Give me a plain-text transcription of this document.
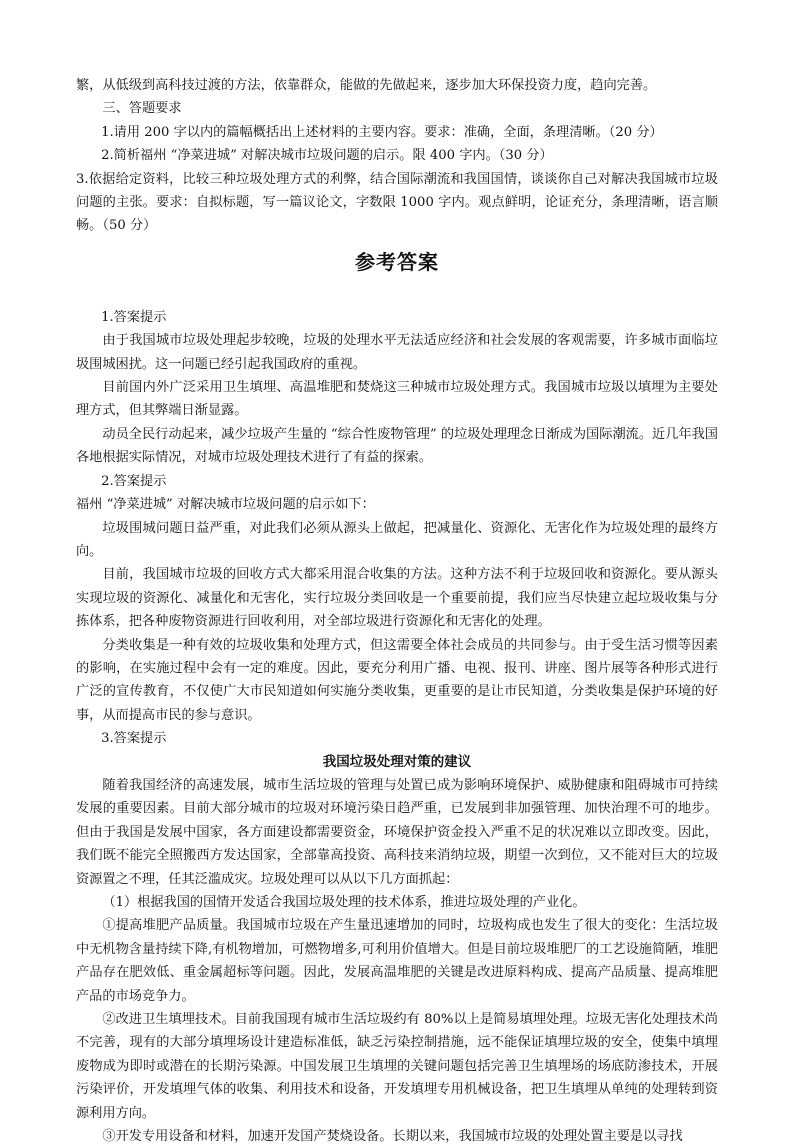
繁，从低级到高科技过渡的方法，依靠群众，能做的先做起来，逐步加大环保投资力度，趋向完善。

三、答题要求

1.请用 200 字以内的篇幅概括出上述材料的主要内容。要求：准确，全面，条理清晰。（20 分）

2.简析福州 “净菜进城” 对解决城市垃圾问题的启示。限 400 字内。（30 分）

3.依据给定资料，比较三种垃圾处理方式的利弊，结合国际潮流和我国国情，谈谈你自己对解决我国城市垃圾问题的主张。要求：自拟标题，写一篇议论文，字数限 1000 字内。观点鲜明，论证充分，条理清晰，语言顺畅。（50 分）

参考答案

1.答案提示

由于我国城市垃圾处理起步较晚，垃圾的处理水平无法适应经济和社会发展的客观需要，许多城市面临垃圾围城困扰。这一问题已经引起我国政府的重视。

目前国内外广泛采用卫生填埋、高温堆肥和焚烧这三种城市垃圾处理方式。我国城市垃圾以填埋为主要处理方式，但其弊端日渐显露。

动员全民行动起来，减少垃圾产生量的 “综合性废物管理” 的垃圾处理理念日渐成为国际潮流。近几年我国各地根据实际情况，对城市垃圾处理技术进行了有益的探索。

2.答案提示

福州 “净菜进城” 对解决城市垃圾问题的启示如下：

垃圾围城问题日益严重，对此我们必须从源头上做起，把减量化、资源化、无害化作为垃圾处理的最终方向。

目前，我国城市垃圾的回收方式大都采用混合收集的方法。这种方法不利于垃圾回收和资源化。要从源头实现垃圾的资源化、减量化和无害化，实行垃圾分类回收是一个重要前提，我们应当尽快建立起垃圾收集与分拣体系，把各种废物资源进行回收利用，对全部垃圾进行资源化和无害化的处理。

分类收集是一种有效的垃圾收集和处理方式，但这需要全体社会成员的共同参与。由于受生活习惯等因素的影响，在实施过程中会有一定的难度。因此，要充分利用广播、电视、报刊、讲座、图片展等各种形式进行广泛的宣传教育，不仅使广大市民知道如何实施分类收集，更重要的是让市民知道，分类收集是保护环境的好事，从而提高市民的参与意识。

3.答案提示

我国垃圾处理对策的建议

随着我国经济的高速发展，城市生活垃圾的管理与处置已成为影响环境保护、威胁健康和阻碍城市可持续发展的重要因素。目前大部分城市的垃圾对环境污染日趋严重，已发展到非加强管理、加快治理不可的地步。但由于我国是发展中国家，各方面建设都需要资金，环境保护资金投入严重不足的状况难以立即改变。因此，我们既不能完全照搬西方发达国家，全部靠高投资、高科技来消纳垃圾，期望一次到位，又不能对巨大的垃圾资源置之不理，任其泛滥成灾。垃圾处理可以从以下几方面抓起：

（1）根据我国的国情开发适合我国垃圾处理的技术体系，推进垃圾处理的产业化。

①提高堆肥产品质量。我国城市垃圾在产生量迅速增加的同时，垃圾构成也发生了很大的变化：生活垃圾中无机物含量持续下降,有机物增加，可燃物增多,可利用价值增大。但是目前垃圾堆肥厂的工艺设施简陋，堆肥产品存在肥效低、重金属超标等问题。因此，发展高温堆肥的关键是改进原料构成、提高产品质量、提高堆肥产品的市场竞争力。

②改进卫生填埋技术。目前我国现有城市生活垃圾约有 80%以上是简易填埋处理。垃圾无害化处理技术尚不完善，现有的大部分填埋场设计建造标准低，缺乏污染控制措施，远不能保证填埋垃圾的安全，使集中填埋废物成为即时或潜在的长期污染源。中国发展卫生填埋的关键问题包括完善卫生填埋场的场底防渗技术，开展污染评价，开发填埋气体的收集、利用技术和设备，开发填埋专用机械设备，把卫生填埋从单纯的处理转到资源利用方向。

③开发专用设备和材料，加速开发国产焚烧设备。长期以来，我国城市垃圾的处理处置主要是以寻找
